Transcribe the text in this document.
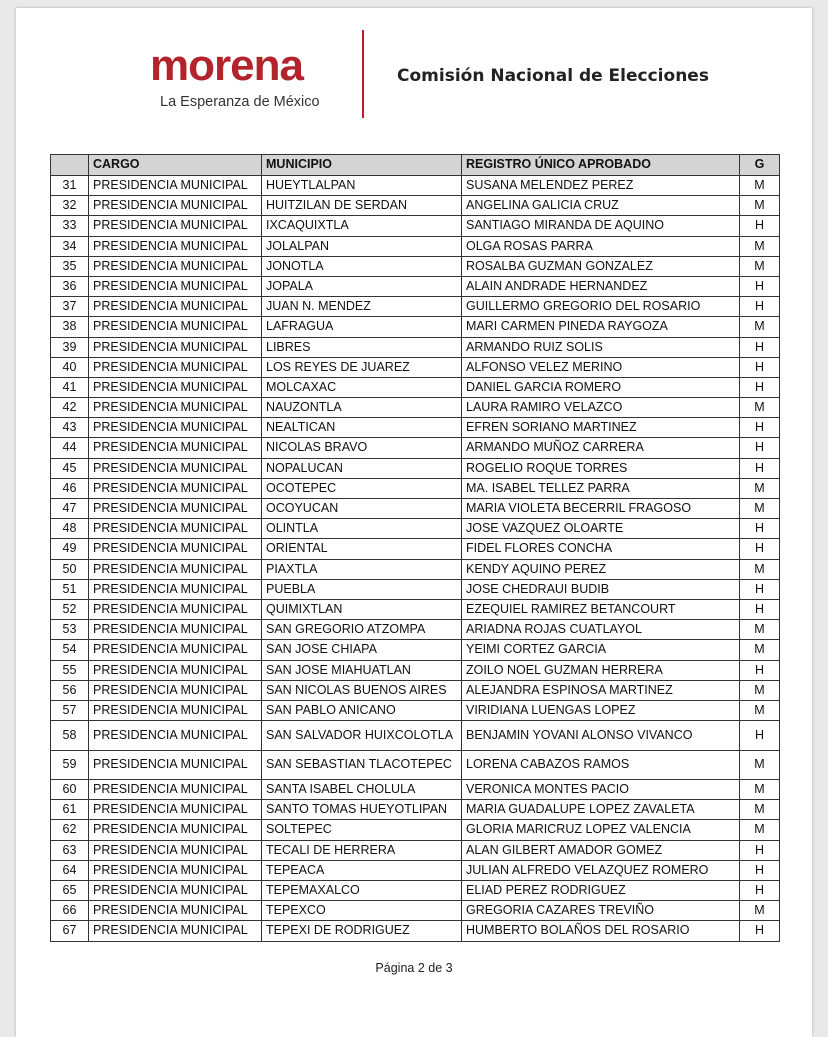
morena
La Esperanza de México
Comisión Nacional de Elecciones
	CARGO	MUNICIPIO	REGISTRO ÚNICO APROBADO	G
31	PRESIDENCIA MUNICIPAL	HUEYTLALPAN	SUSANA MELENDEZ PEREZ	M
32	PRESIDENCIA MUNICIPAL	HUITZILAN DE SERDAN	ANGELINA GALICIA CRUZ	M
33	PRESIDENCIA MUNICIPAL	IXCAQUIXTLA	SANTIAGO MIRANDA DE AQUINO	H
34	PRESIDENCIA MUNICIPAL	JOLALPAN	OLGA ROSAS PARRA	M
35	PRESIDENCIA MUNICIPAL	JONOTLA	ROSALBA GUZMAN GONZALEZ	M
36	PRESIDENCIA MUNICIPAL	JOPALA	ALAIN ANDRADE HERNANDEZ	H
37	PRESIDENCIA MUNICIPAL	JUAN N. MENDEZ	GUILLERMO GREGORIO DEL ROSARIO	H
38	PRESIDENCIA MUNICIPAL	LAFRAGUA	MARI CARMEN PINEDA RAYGOZA	M
39	PRESIDENCIA MUNICIPAL	LIBRES	ARMANDO RUIZ SOLIS	H
40	PRESIDENCIA MUNICIPAL	LOS REYES DE JUAREZ	ALFONSO VELEZ MERINO	H
41	PRESIDENCIA MUNICIPAL	MOLCAXAC	DANIEL GARCIA ROMERO	H
42	PRESIDENCIA MUNICIPAL	NAUZONTLA	LAURA RAMIRO VELAZCO	M
43	PRESIDENCIA MUNICIPAL	NEALTICAN	EFREN SORIANO MARTINEZ	H
44	PRESIDENCIA MUNICIPAL	NICOLAS BRAVO	ARMANDO MUÑOZ CARRERA	H
45	PRESIDENCIA MUNICIPAL	NOPALUCAN	ROGELIO ROQUE TORRES	H
46	PRESIDENCIA MUNICIPAL	OCOTEPEC	MA. ISABEL TELLEZ PARRA	M
47	PRESIDENCIA MUNICIPAL	OCOYUCAN	MARIA VIOLETA BECERRIL FRAGOSO	M
48	PRESIDENCIA MUNICIPAL	OLINTLA	JOSE VAZQUEZ OLOARTE	H
49	PRESIDENCIA MUNICIPAL	ORIENTAL	FIDEL FLORES CONCHA	H
50	PRESIDENCIA MUNICIPAL	PIAXTLA	KENDY AQUINO PEREZ	M
51	PRESIDENCIA MUNICIPAL	PUEBLA	JOSE CHEDRAUI BUDIB	H
52	PRESIDENCIA MUNICIPAL	QUIMIXTLAN	EZEQUIEL RAMIREZ BETANCOURT	H
53	PRESIDENCIA MUNICIPAL	SAN GREGORIO ATZOMPA	ARIADNA ROJAS CUATLAYOL	M
54	PRESIDENCIA MUNICIPAL	SAN JOSE CHIAPA	YEIMI CORTEZ GARCIA	M
55	PRESIDENCIA MUNICIPAL	SAN JOSE MIAHUATLAN	ZOILO NOEL GUZMAN HERRERA	H
56	PRESIDENCIA MUNICIPAL	SAN NICOLAS BUENOS AIRES	ALEJANDRA ESPINOSA MARTINEZ	M
57	PRESIDENCIA MUNICIPAL	SAN PABLO ANICANO	VIRIDIANA LUENGAS LOPEZ	M
58	PRESIDENCIA MUNICIPAL	SAN SALVADOR HUIXCOLOTLA	BENJAMIN YOVANI ALONSO VIVANCO	H
59	PRESIDENCIA MUNICIPAL	SAN SEBASTIAN TLACOTEPEC	LORENA CABAZOS RAMOS	M
60	PRESIDENCIA MUNICIPAL	SANTA ISABEL CHOLULA	VERONICA MONTES PACIO	M
61	PRESIDENCIA MUNICIPAL	SANTO TOMAS HUEYOTLIPAN	MARIA GUADALUPE LOPEZ ZAVALETA	M
62	PRESIDENCIA MUNICIPAL	SOLTEPEC	GLORIA MARICRUZ LOPEZ VALENCIA	M
63	PRESIDENCIA MUNICIPAL	TECALI DE HERRERA	ALAN GILBERT AMADOR GOMEZ	H
64	PRESIDENCIA MUNICIPAL	TEPEACA	JULIAN ALFREDO VELAZQUEZ ROMERO	H
65	PRESIDENCIA MUNICIPAL	TEPEMAXALCO	ELIAD PEREZ RODRIGUEZ	H
66	PRESIDENCIA MUNICIPAL	TEPEXCO	GREGORIA CAZARES TREVIÑO	M
67	PRESIDENCIA MUNICIPAL	TEPEXI DE RODRIGUEZ	HUMBERTO BOLAÑOS DEL ROSARIO	H
Página 2 de 3
